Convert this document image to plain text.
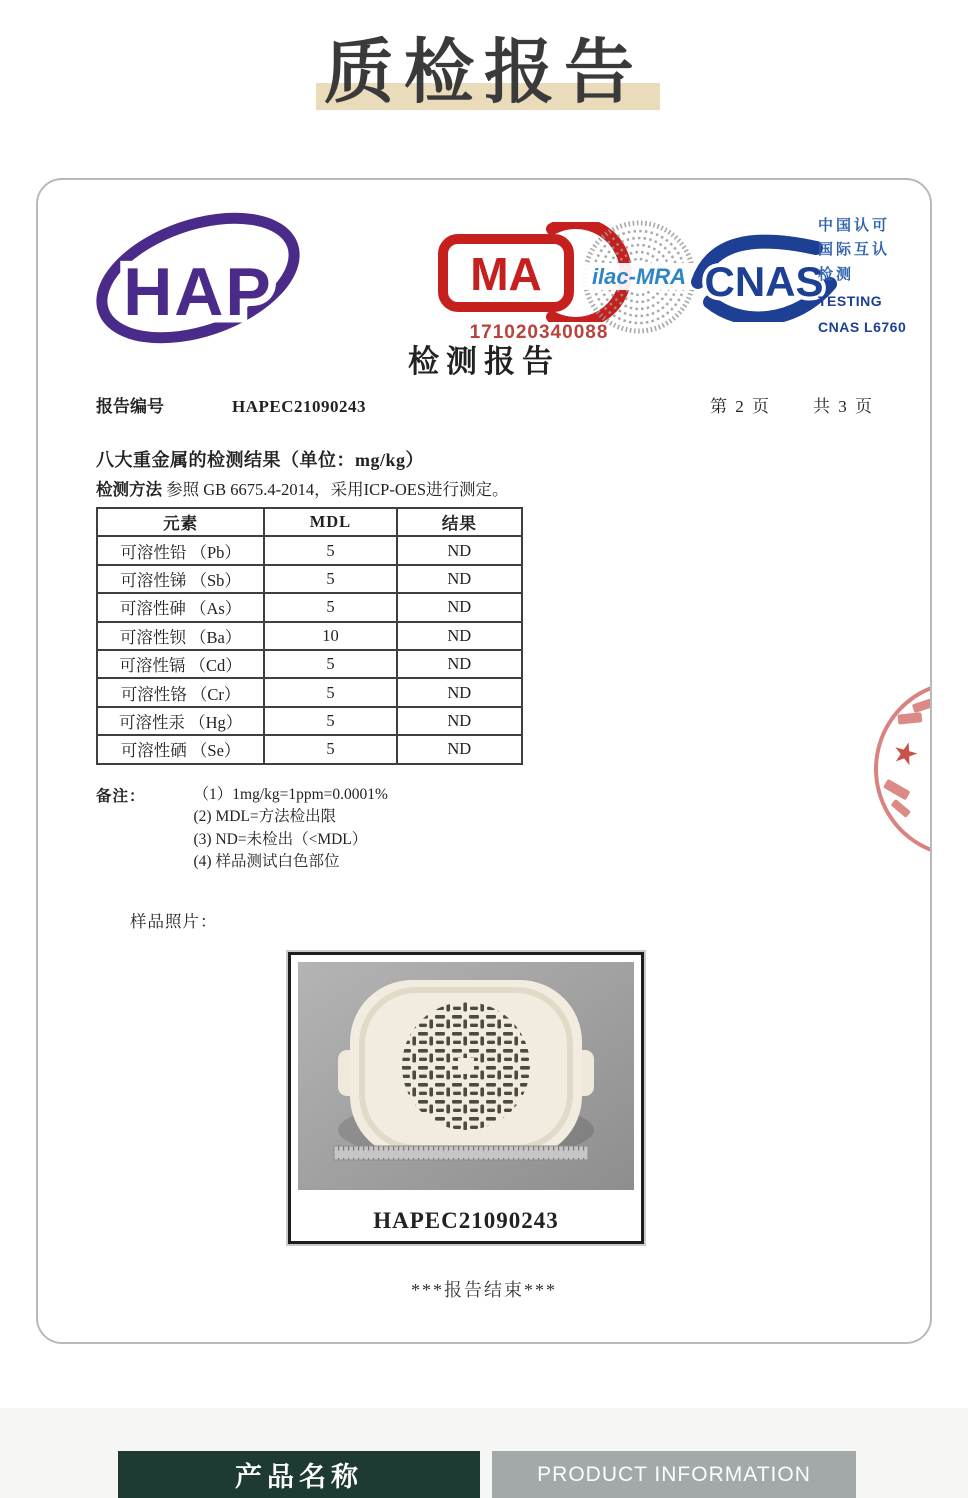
质检报告
HAP	MA
171020340088
ilac-MRA CNAS
中国认可
国际互认
检测
TESTING
CNAS L6760
检测报告
报告编号	HAPEC21090243	第 2 页 共 3 页

八大重金属的检测结果（单位：mg/kg）

检测方法 参照 GB 6675.4-2014，采用ICP-OES进行测定。

元素	MDL	结果
可溶性铅 （Pb）	5	ND
可溶性锑 （Sb）	5	ND
可溶性砷 （As）	5	ND
可溶性钡 （Ba）	10	ND
可溶性镉 （Cd）	5	ND
可溶性铬 （Cr）	5	ND
可溶性汞 （Hg）	5	ND
可溶性硒 （Se）	5	ND
备注：	（1）1mg/kg=1ppm=0.0001%

(2) MDL=方法检出限

(3) ND=未检出（<MDL）

(4) 样品测试白色部位

样品照片：

HAPEC21090243

***报告结束***

★
产品名称	PRODUCT INFORMATION
